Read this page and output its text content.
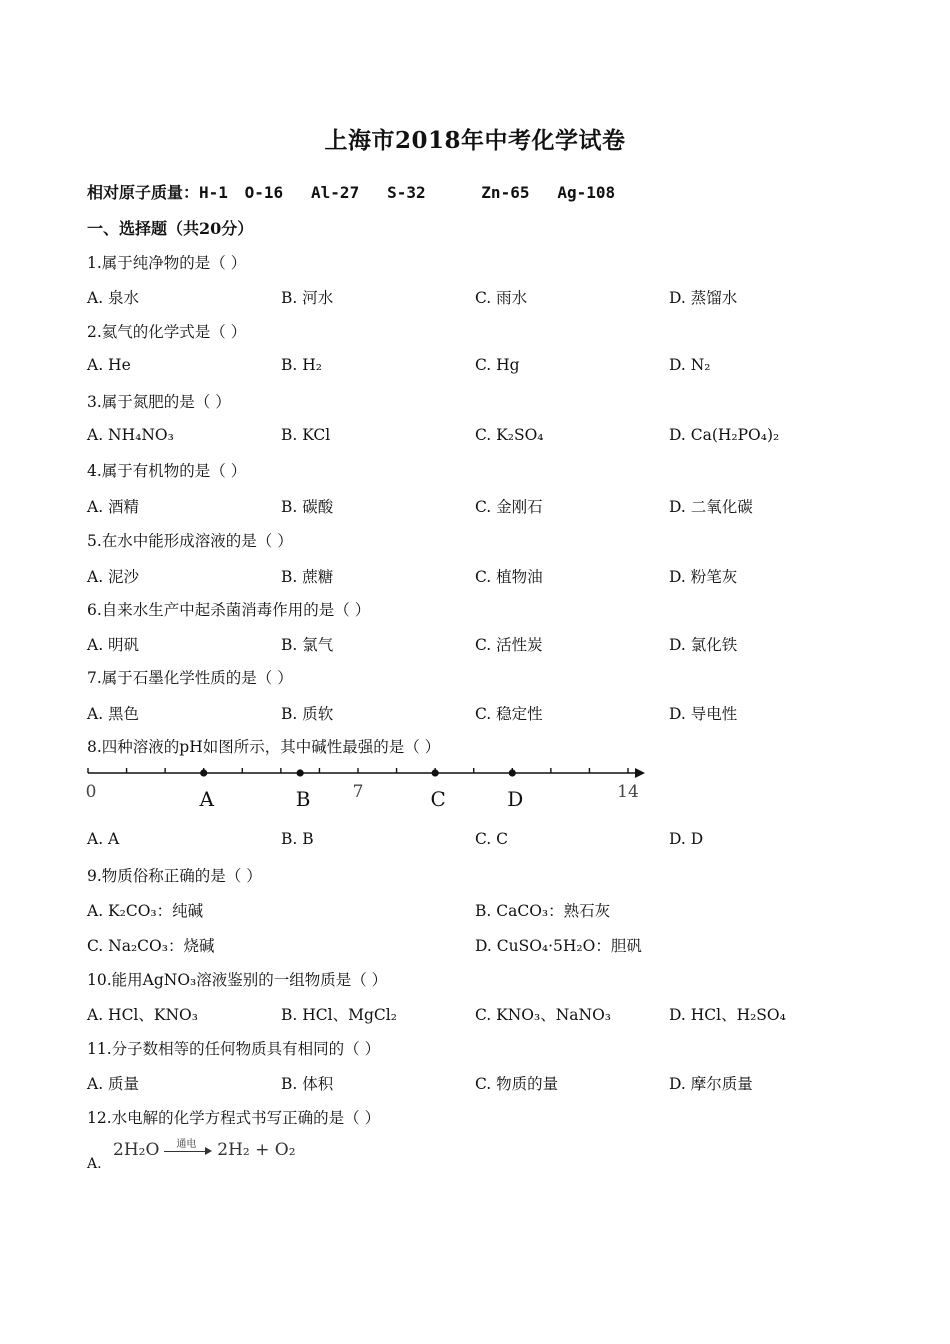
上海市2018年中考化学试卷
相对原子质量：H-1 O-16 Al-27 S-32	Zn-65 Ag-108
一、选择题（共20分）
1.属于纯净物的是（ ）
A. 泉水	B. 河水	C. 雨水	D. 蒸馏水
2.氦气的化学式是（ ）
A. He	B. H₂	C. Hg	D. N₂
3.属于氮肥的是（ ）
A. NH₄NO₃	B. KCl	C. K₂SO₄	D. Ca(H₂PO₄)₂
4.属于有机物的是（ ）
A. 酒精	B. 碳酸	C. 金刚石	D. 二氧化碳
5.在水中能形成溶液的是（ ）
A. 泥沙	B. 蔗糖	C. 植物油	D. 粉笔灰
6.自来水生产中起杀菌消毒作用的是（ ）
A. 明矾	B. 氯气	C. 活性炭	D. 氯化铁
7.属于石墨化学性质的是（ ）
A. 黑色	B. 质软	C. 稳定性	D. 导电性
8.四种溶液的pH如图所示，其中碱性最强的是（ ）
A	B	C	D
0	7	14
A. A	B. B	C. C	D. D
9.物质俗称正确的是（ ）
A. K₂CO₃：纯碱	B. CaCO₃：熟石灰
C. Na₂CO₃：烧碱	D. CuSO₄·5H₂O：胆矾
10.能用AgNO₃溶液鉴别的一组物质是（ ）
A. HCl、KNO₃	B. HCl、MgCl₂	C. KNO₃、NaNO₃	D. HCl、H₂SO₄
11.分子数相等的任何物质具有相同的（ ）
A. 质量	B. 体积	C. 物质的量	D. 摩尔质量
12.水电解的化学方程式书写正确的是（ ）
A.
2H₂O 通电 2H₂ + O₂
